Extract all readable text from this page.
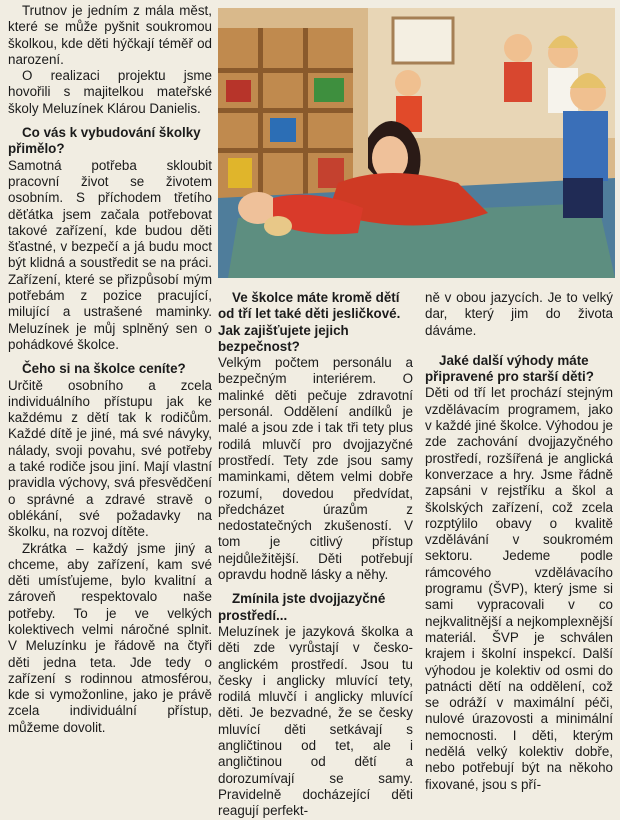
Trutnov je jedním z mála měst, které se může pyšnit soukromou školkou, kde děti hýčkají téměř od narození.

O realizaci projektu jsme hovořili s majitelkou mateřské školy Meluzínek Klárou Danielis.

Co vás k vybudování školky přimělo?

Samotná potřeba skloubit pracovní život se životem osobním. S příchodem třetího děťátka jsem začala potřebovat takové zařízení, kde budou děti šťastné, v bezpečí a já budu moct být klidná a soustředit se na práci. Zařízení, které se přizpůsobí mým potřebám z pozice pracující, milující a ustrašené maminky. Meluzínek je můj splněný sen o pohádkové školce.

Čeho si na školce ceníte?

Určitě osobního a zcela individuálního přístupu jak ke každému z dětí tak k rodičům. Každé dítě je jiné, má své návyky, nálady, svoji povahu, své potřeby a také rodiče jsou jiní. Mají vlastní pravidla výchovy, svá přesvědčení o správné a zdravé stravě o oblékání, své požadavky na školku, na rozvoj dítěte.

Zkrátka – každý jsme jiný a chceme, aby zařízení, kam své děti umísťujeme, bylo kvalitní a zároveň respektovalo naše potřeby. To je ve velkých kolektivech velmi náročné splnit. V Meluzínku je řádově na čtyři děti jedna teta. Jde tedy o zařízení s rodinnou atmosférou, kde si vymožonline, jako je právě zcela individuální přístup, můžeme dovolit.

Ve školce máte kromě dětí od tří let také děti jesličkové. Jak zajišťujete jejich bezpečnost?

Velkým počtem personálu a bezpečným interiérem. O malinké děti pečuje zdravotní personál. Oddělení andílků je malé a jsou zde i tak tři tety plus rodilá mluvčí pro dvojjazyčné prostředí. Tety zde jsou samy maminkami, dětem velmi dobře rozumí, dovedou předvídat, předcházet úrazům z nedostatečných zkušeností. V tom je citlivý přístup nejdůležitější. Děti potřebují opravdu hodně lásky a něhy.

Zmínila jste dvojjazyčné prostředí...

Meluzínek je jazyková školka a děti zde vyrůstají v česko-anglickém prostředí. Jsou tu česky i anglicky mluvící tety, rodilá mluvčí i anglicky mluvící děti. Je bezvadné, že se česky mluvící děti setkávají s angličtinou od tet, ale i angličtinou od dětí a dorozumívají se samy. Pravidelně docházející děti reagují perfekt-

ně v obou jazycích. Je to velký dar, který jim do života dáváme.

Jaké další výhody máte připravené pro starší děti?

Děti od tří let prochází stejným vzdělávacím programem, jako v každé jiné školce. Výhodou je zde zachování dvojjazyčného prostředí, rozšířená je anglická konverzace a hry. Jsme řádně zapsáni v rejstříku a škol a školských zařízení, což zcela rozptýlilo obavy o kvalitě vzdělávání v soukromém sektoru. Jedeme podle rámcového vzdělávacího programu (ŠVP), který jsme si sami vypracovali v co nejkvalitnější a nejkomplexnější materiál. ŠVP je schválen krajem i školní inspekcí. Další výhodou je kolektiv od osmi do patnácti dětí na oddělení, což se odráží v maximální péči, nulové úrazovosti a minimální nemocnosti. I děti, kterým nedělá velký kolektiv dobře, nebo potřebují být na někoho fixované, jsou s pří-
